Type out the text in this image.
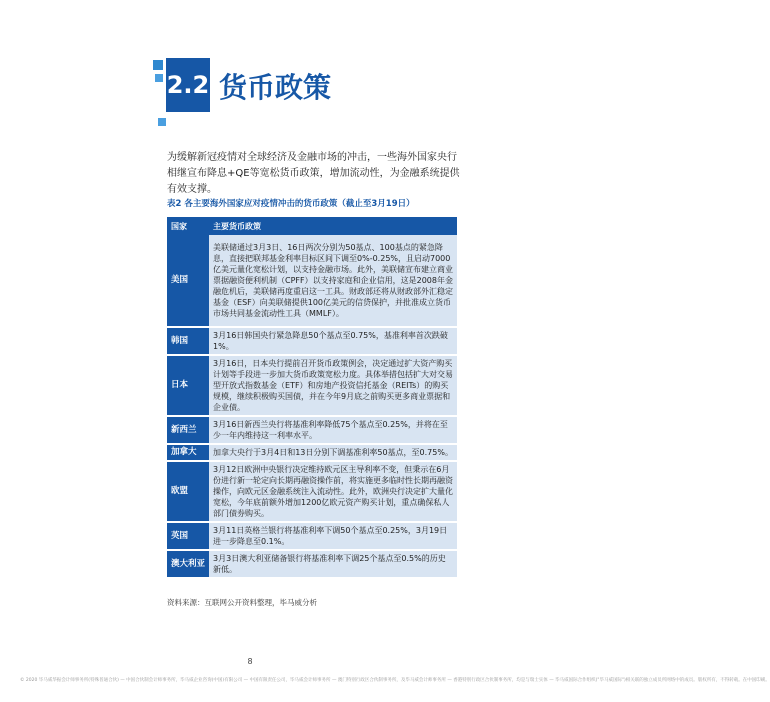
2.2 货币政策
为缓解新冠疫情对全球经济及金融市场的冲击，一些海外国家央行相继宣布降息+QE等宽松货币政策，增加流动性，为金融系统提供有效支撑。
表2 各主要海外国家应对疫情冲击的货币政策（截止至3月19日）
国家	主要货币政策
美国	美联储通过3月3日、16日两次分别为50基点、100基点的紧急降息，直接把联邦基金利率目标区间下调至0%-0.25%，且启动7000亿美元量化宽松计划，以支持金融市场。此外，美联储宣布建立商业票据融资便利机制（CPFF）以支持家庭和企业信用，这是2008年金融危机后，美联储再度重启这一工具。财政部还将从财政部外汇稳定基金（ESF）向美联储提供100亿美元的信贷保护，并批准成立货币市场共同基金流动性工具（MMLF）。
韩国	3月16日韩国央行紧急降息50个基点至0.75%，基准利率首次跌破1%。
日本	3月16日，日本央行提前召开货币政策例会，决定通过扩大资产购买计划等手段进一步加大货币政策宽松力度。具体举措包括扩大对交易型开放式指数基金（ETF）和房地产投资信托基金（REITs）的购买规模，继续积极购买国债，并在今年9月底之前购买更多商业票据和企业债。
新西兰	3月16日新西兰央行将基准利率降低75个基点至0.25%，并将在至少一年内维持这一利率水平。
加拿大	加拿大央行于3月4日和13日分别下调基准利率50基点，至0.75%。
欧盟	3月12日欧洲中央银行决定维持欧元区主导利率不变，但秉示在6月份进行新一轮定向长期再融资操作前，将实施更多临时性长期再融资操作，向欧元区金融系统注入流动性。此外，欧洲央行决定扩大量化宽松，今年底前额外增加1200亿欧元资产购买计划，重点确保私人部门债券购买。
英国	3月11日英格兰银行将基准利率下调50个基点至0.25%，3月19日进一步降息至0.1%。
澳大利亚	3月3日澳大利亚储备银行将基准利率下调25个基点至0.5%的历史新低。
资料来源：互联网公开资料整理，毕马威分析
8
© 2020 毕马威华振会计师事务所(特殊普通合伙) — 中国合伙制会计师事务所，毕马威企业咨询(中国)有限公司 — 中国有限责任公司，毕马威会计师事务所 — 澳门特别行政区合伙制事务所，及毕马威会计师事务所 — 香港特别行政区合伙制事务所，均是与瑞士实体 — 毕马威国际合作组织("毕马威国际")相关联的独立成员所网络中的成员。版权所有，不得转载。在中国印刷。
